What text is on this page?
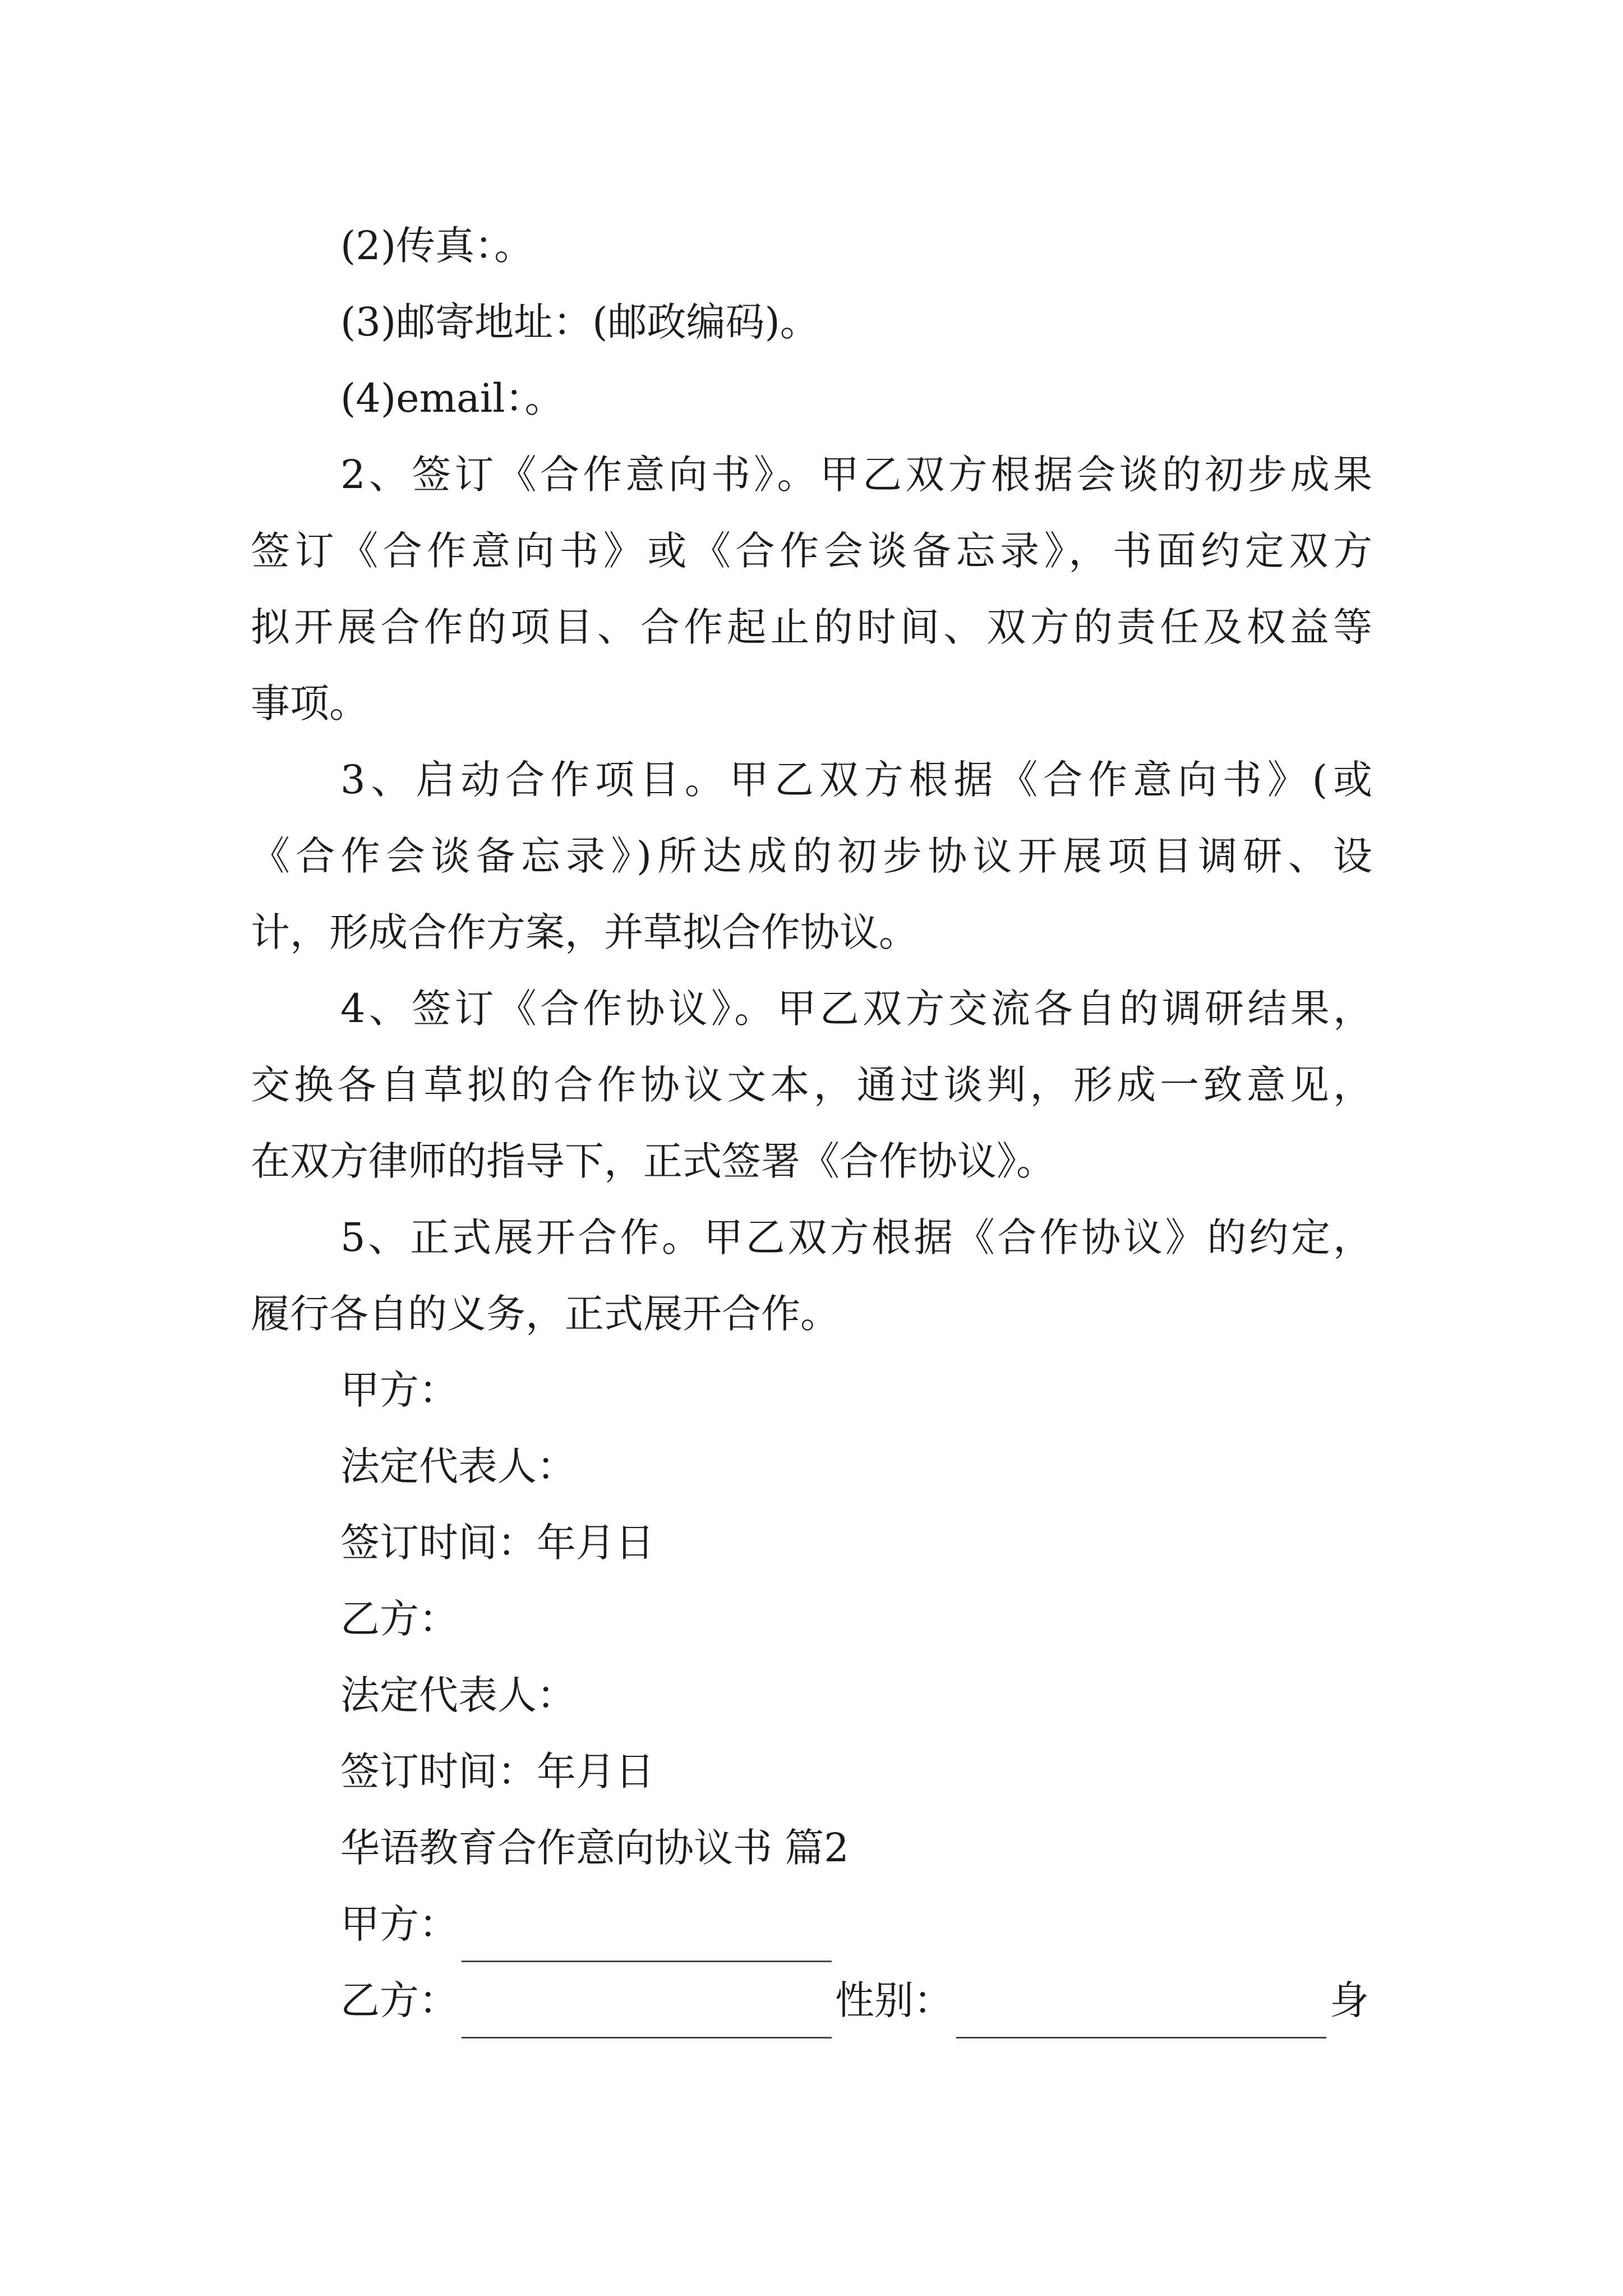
(2)传真：。

(3)邮寄地址：(邮政编码)。

(4)email：。

2、签订《合作意向书》。甲乙双方根据会谈的初步成果

签订《合作意向书》或《合作会谈备忘录》，书面约定双方

拟开展合作的项目、合作起止的时间、双方的责任及权益等

事项。

3、启动合作项目。甲乙双方根据《合作意向书》(或

《合作会谈备忘录》)所达成的初步协议开展项目调研、设

计，形成合作方案，并草拟合作协议。

4、签订《合作协议》。甲乙双方交流各自的调研结果，

交换各自草拟的合作协议文本，通过谈判，形成一致意见，

在双方律师的指导下，正式签署《合作协议》。

5、正式展开合作。甲乙双方根据《合作协议》的约定，

履行各自的义务，正式展开合作。

甲方：

法定代表人：

签订时间：年月日

乙方：

法定代表人：

签订时间：年月日

华语教育合作意向协议书 篇2

甲方：
乙方：	性别：	身
